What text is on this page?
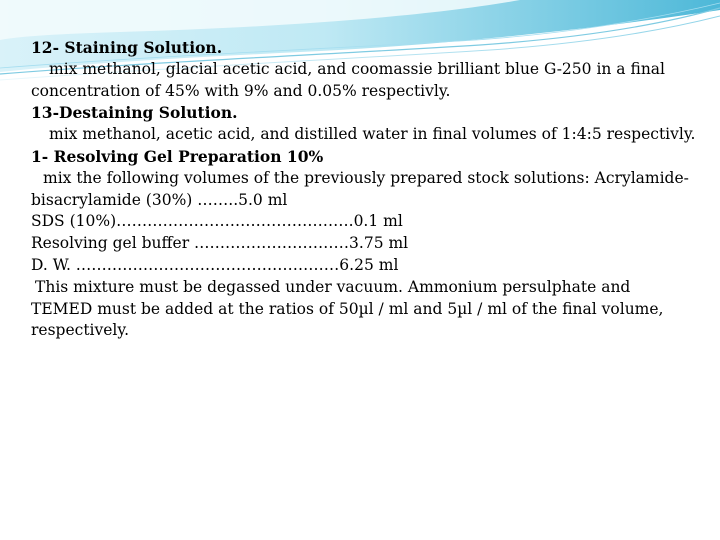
12- Staining Solution.
mix methanol, glacial acetic acid, and coomassie brilliant blue G-250 in a final
concentration of 45% with 9% and 0.05% respectivly.
13-Destaining Solution.
mix methanol, acetic acid, and distilled water in final volumes of 1:4:5 respectivly.
1- Resolving Gel Preparation 10%
mix the following volumes of the previously prepared stock solutions: Acrylamide-
bisacrylamide (30%) ……..5.0 ml
SDS (10%)……………………………………….0.1 ml
Resolving gel buffer …………………………3.75 ml
D. W. ……………………………………………6.25 ml
This mixture must be degassed under vacuum. Ammonium persulphate and
TEMED must be added at the ratios of 50µl / ml and 5µl / ml of the final volume,
respectively.
